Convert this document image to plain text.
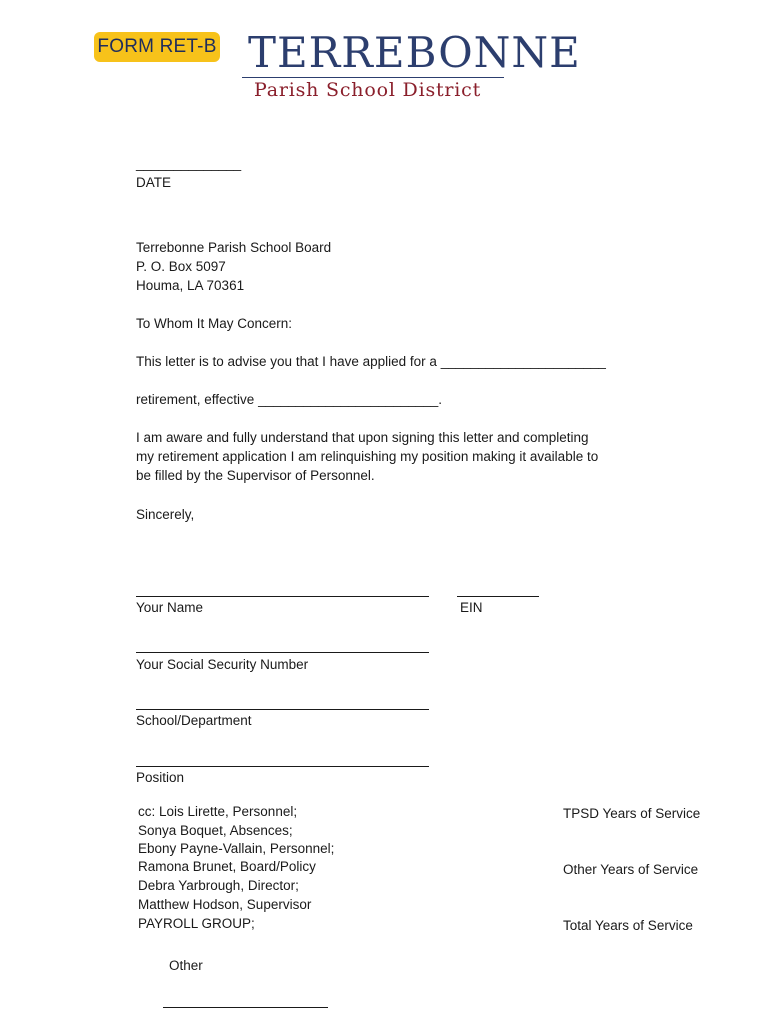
FORM RET-B TERREBONNE
Parish School District
______________
DATE
Terrebonne Parish School Board
P. O. Box 5097
Houma, LA 70361
To Whom It May Concern:
This letter is to advise you that I have applied for a ______________________
retirement, effective ________________________.
I am aware and fully understand that upon signing this letter and completing
my retirement application I am relinquishing my position making it available to
be filled by the Supervisor of Personnel.
Sincerely,
Your Name	EIN
Your Social Security Number
School/Department
Position
cc: Lois Lirette, Personnel;
Sonya Boquet, Absences;
Ebony Payne-Vallain, Personnel;
Ramona Brunet, Board/Policy
Debra Yarbrough, Director;
Matthew Hodson, Supervisor
PAYROLL GROUP;
TPSD Years of Service
Other Years of Service
Total Years of Service
Other
